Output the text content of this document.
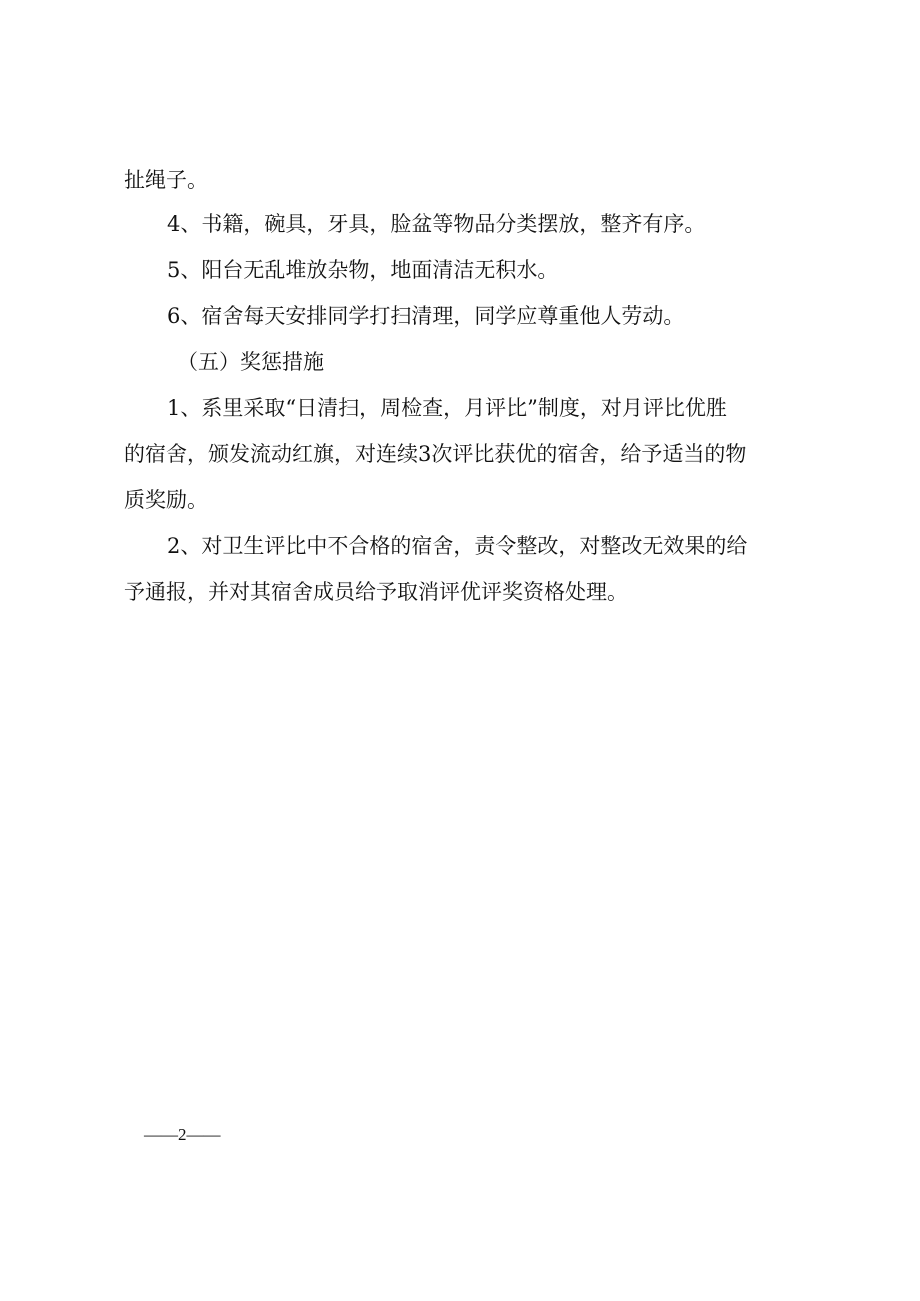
扯绳子。

4、书籍，碗具，牙具，脸盆等物品分类摆放，整齐有序。

5、阳台无乱堆放杂物，地面清洁无积水。

6、宿舍每天安排同学打扫清理，同学应尊重他人劳动。

（五）奖惩措施

1、系里采取“日清扫，周检查，月评比”制度，对月评比优胜

的宿舍，颁发流动红旗，对连续3次评比获优的宿舍，给予适当的物

质奖励。

2、对卫生评比中不合格的宿舍，责令整改，对整改无效果的给

予通报，并对其宿舍成员给予取消评优评奖资格处理。

——2——
